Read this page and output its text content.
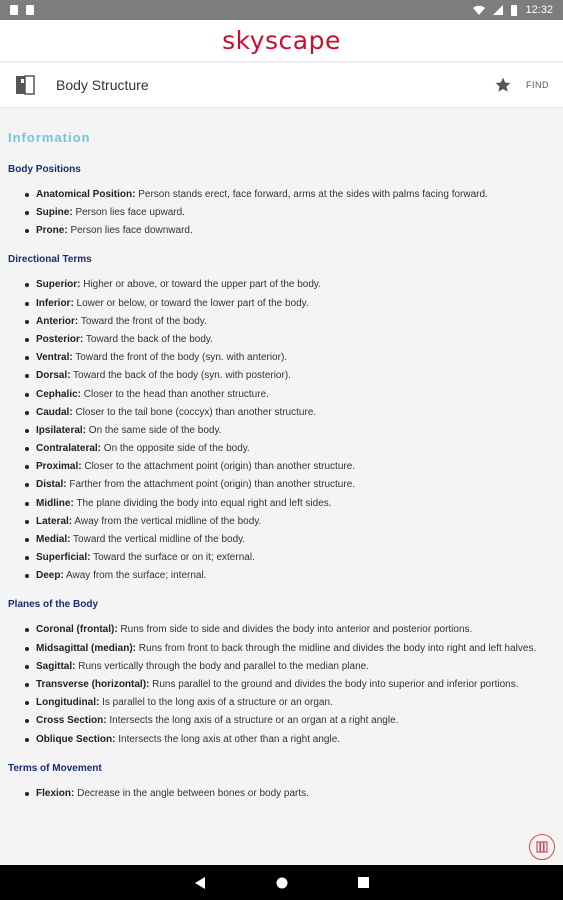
12:32
skyscape
Body Structure	FIND
Information
Body Positions
Anatomical Position: Person stands erect, face forward, arms at the sides with palms facing forward.
Supine: Person lies face upward.
Prone: Person lies face downward.
Directional Terms
Superior: Higher or above, or toward the upper part of the body.
Inferior: Lower or below, or toward the lower part of the body.
Anterior: Toward the front of the body.
Posterior: Toward the back of the body.
Ventral: Toward the front of the body (syn. with anterior).
Dorsal: Toward the back of the body (syn. with posterior).
Cephalic: Closer to the head than another structure.
Caudal: Closer to the tail bone (coccyx) than another structure.
Ipsilateral: On the same side of the body.
Contralateral: On the opposite side of the body.
Proximal: Closer to the attachment point (origin) than another structure.
Distal: Farther from the attachment point (origin) than another structure.
Midline: The plane dividing the body into equal right and left sides.
Lateral: Away from the vertical midline of the body.
Medial: Toward the vertical midline of the body.
Superficial: Toward the surface or on it; external.
Deep: Away from the surface; internal.
Planes of the Body
Coronal (frontal): Runs from side to side and divides the body into anterior and posterior portions.
Midsagittal (median): Runs from front to back through the midline and divides the body into right and left halves.
Sagittal: Runs vertically through the body and parallel to the median plane.
Transverse (horizontal): Runs parallel to the ground and divides the body into superior and inferior portions.
Longitudinal: Is parallel to the long axis of a structure or an organ.
Cross Section: Intersects the long axis of a structure or an organ at a right angle.
Oblique Section: Intersects the long axis at other than a right angle.
Terms of Movement
Flexion: Decrease in the angle between bones or body parts.
